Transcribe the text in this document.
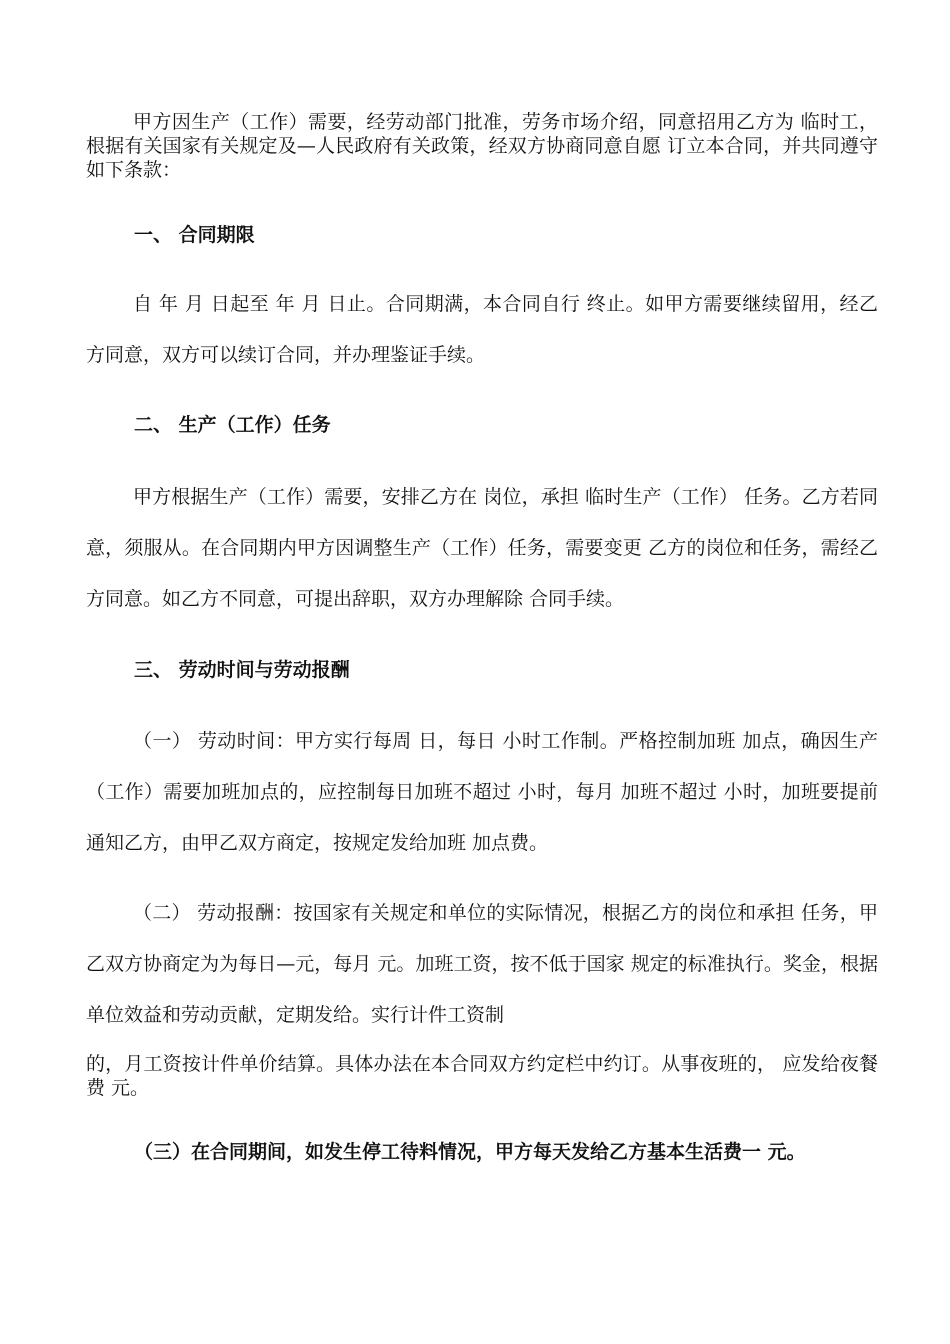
甲方因生产（工作）需要，经劳动部门批准，劳务市场介绍，同意招用乙方为 临时工，根据有关国家有关规定及—人民政府有关政策，经双方协商同意自愿 订立本合同，并共同遵守如下条款：

一、 合同期限

自 年 月 日起至 年 月 日止。合同期满，本合同自行 终止。如甲方需要继续留用，经乙方同意，双方可以续订合同，并办理鉴证手续。

二、 生产（工作）任务

甲方根据生产（工作）需要，安排乙方在 岗位，承担 临时生产（工作） 任务。乙方若同意，须服从。在合同期内甲方因调整生产（工作）任务，需要变更 乙方的岗位和任务，需经乙方同意。如乙方不同意，可提出辞职，双方办理解除 合同手续。

三、 劳动时间与劳动报酬

（一） 劳动时间：甲方实行每周 日，每日 小时工作制。严格控制加班 加点，确因生产（工作）需要加班加点的，应控制每日加班不超过 小时，每月 加班不超过 小时，加班要提前通知乙方，由甲乙双方商定，按规定发给加班 加点费。

（二） 劳动报酬：按国家有关规定和单位的实际情况，根据乙方的岗位和承担 任务，甲乙双方协商定为为每日—元，每月 元。加班工资，按不低于国家 规定的标准执行。奖金，根据单位效益和劳动贡献，定期发给。实行计件工资制

的，月工资按计件单价结算。具体办法在本合同双方约定栏中约订。从事夜班的， 应发给夜餐费 元。

（三）在合同期间，如发生停工待料情况，甲方每天发给乙方基本生活费一 元。
